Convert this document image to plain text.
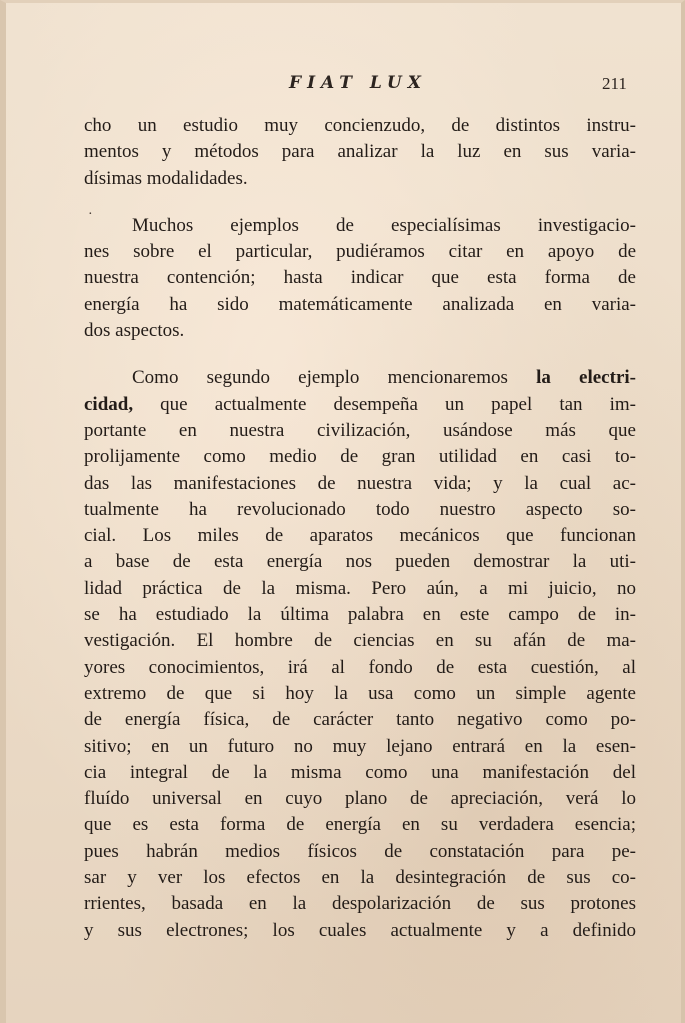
FIAT LUX	211
·

cho un estudio muy concienzudo, de distintos instru-
mentos y métodos para analizar la luz en sus varia-
dísimas modalidades.

Muchos ejemplos de especialísimas investigacio-
nes sobre el particular, pudiéramos citar en apoyo de
nuestra contención; hasta indicar que esta forma de
energía ha sido matemáticamente analizada en varia-
dos aspectos.

Como segundo ejemplo mencionaremos la electri-
cidad, que actualmente desempeña un papel tan im-
portante en nuestra civilización, usándose más que
prolijamente como medio de gran utilidad en casi to-
das las manifestaciones de nuestra vida; y la cual ac-
tualmente ha revolucionado todo nuestro aspecto so-
cial. Los miles de aparatos mecánicos que funcionan
a base de esta energía nos pueden demostrar la uti-
lidad práctica de la misma. Pero aún, a mi juicio, no
se ha estudiado la última palabra en este campo de in-
vestigación. El hombre de ciencias en su afán de ma-
yores conocimientos, irá al fondo de esta cuestión, al
extremo de que si hoy la usa como un simple agente
de energía física, de carácter tanto negativo como po-
sitivo; en un futuro no muy lejano entrará en la esen-
cia integral de la misma como una manifestación del
fluído universal en cuyo plano de apreciación, verá lo
que es esta forma de energía en su verdadera esencia;
pues habrán medios físicos de constatación para pe-
sar y ver los efectos en la desintegración de sus co-
rrientes, basada en la despolarización de sus protones
y sus electrones; los cuales actualmente y a definido
